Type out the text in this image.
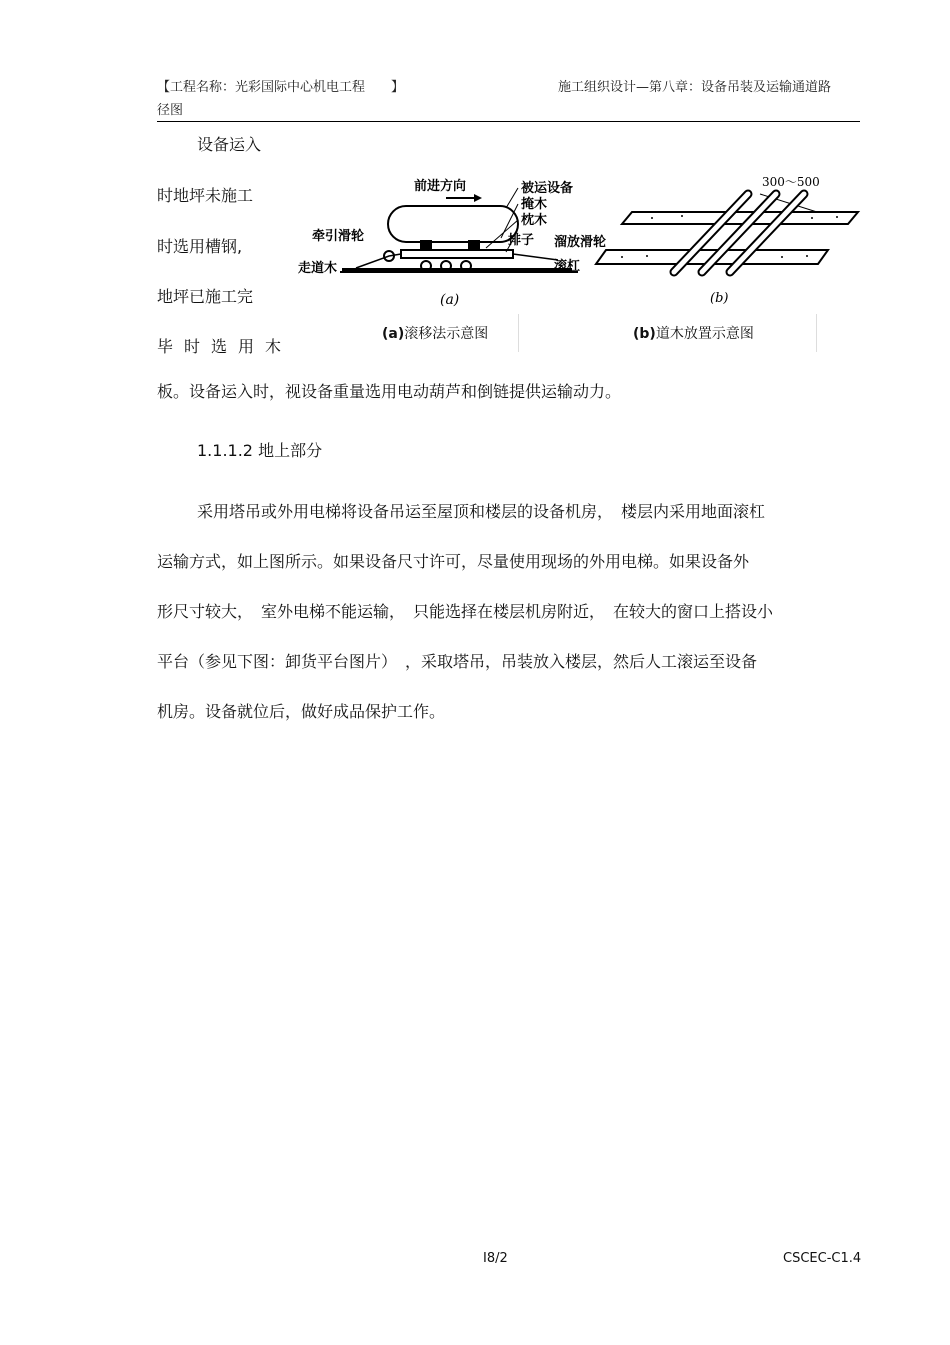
【工程名称：光彩国际中心机电工程　　】
径图
施工组织设计—第八章：设备吊装及运输通道路
设备运入
时地坪未施工
时选用槽钢,
地坪已施工完
毕时选用木
前进方向	被运设备
掩木
枕木
排子
牵引滑轮	溜放滑轮
走道木	滚杠
(a)
300～500
(b)
(a)滚移法示意图	(b)道木放置示意图
板。设备运入时，视设备重量选用电动葫芦和倒链提供运输动力。
1.1.1.2 地上部分
采用塔吊或外用电梯将设备吊运至屋顶和楼层的设备机房，　楼层内采用地面滚杠
运输方式，如上图所示。如果设备尺寸许可，尽量使用现场的外用电梯。如果设备外
形尺寸较大，　室外电梯不能运输，　只能选择在楼层机房附近，　在较大的窗口上搭设小
平台（参见下图：卸货平台图片）　，采取塔吊，吊装放入楼层，然后人工滚运至设备
机房。设备就位后，做好成品保护工作。
I8/2	CSCEC-C1.4
